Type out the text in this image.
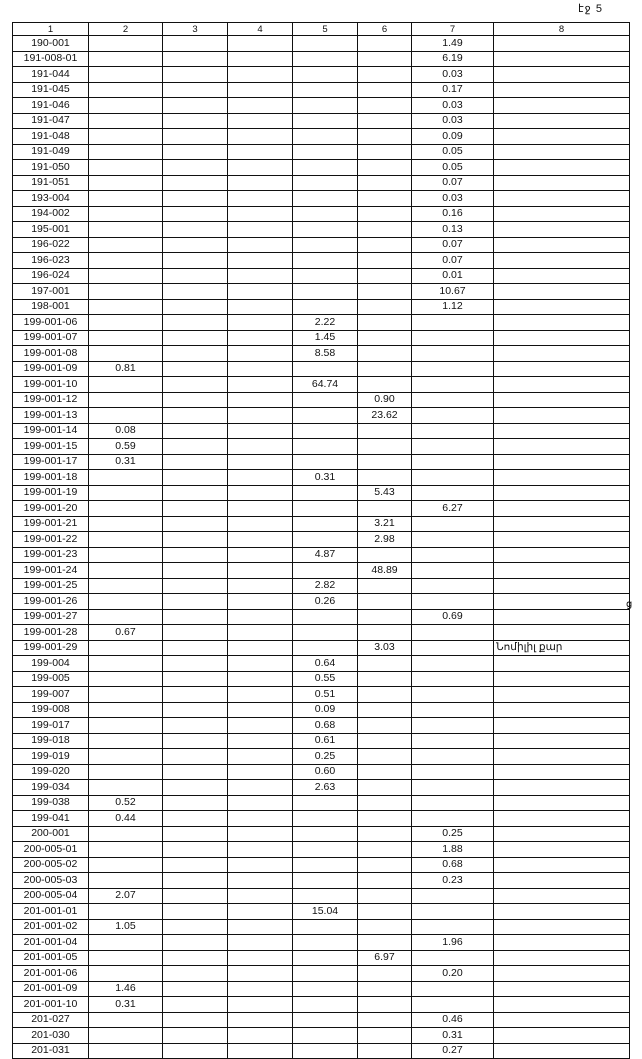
էջ 5
ց
1	2	3	4	5	6	7	8
190-001						1.49	
191-008-01						6.19	
191-044						0.03	
191-045						0.17	
191-046						0.03	
191-047						0.03	
191-048						0.09	
191-049						0.05	
191-050						0.05	
191-051						0.07	
193-004						0.03	
194-002						0.16	
195-001						0.13	
196-022						0.07	
196-023						0.07	
196-024						0.01	
197-001						10.67	
198-001						1.12	
199-001-06				2.22			
199-001-07				1.45			
199-001-08				8.58			
199-001-09	0.81						
199-001-10				64.74			
199-001-12					0.90		
199-001-13					23.62		
199-001-14	0.08						
199-001-15	0.59						
199-001-17	0.31						
199-001-18				0.31			
199-001-19					5.43		
199-001-20						6.27	
199-001-21					3.21		
199-001-22					2.98		
199-001-23				4.87			
199-001-24					48.89		
199-001-25				2.82			
199-001-26				0.26			
199-001-27						0.69	
199-001-28	0.67						
199-001-29					3.03		Նոմիլիլ քար
199-004				0.64			
199-005				0.55			
199-007				0.51			
199-008				0.09			
199-017				0.68			
199-018				0.61			
199-019				0.25			
199-020				0.60			
199-034				2.63			
199-038	0.52						
199-041	0.44						
200-001						0.25	
200-005-01						1.88	
200-005-02						0.68	
200-005-03						0.23	
200-005-04	2.07						
201-001-01				15.04			
201-001-02	1.05						
201-001-04						1.96	
201-001-05					6.97		
201-001-06						0.20	
201-001-09	1.46						
201-001-10	0.31						
201-027						0.46	
201-030						0.31	
201-031						0.27	
